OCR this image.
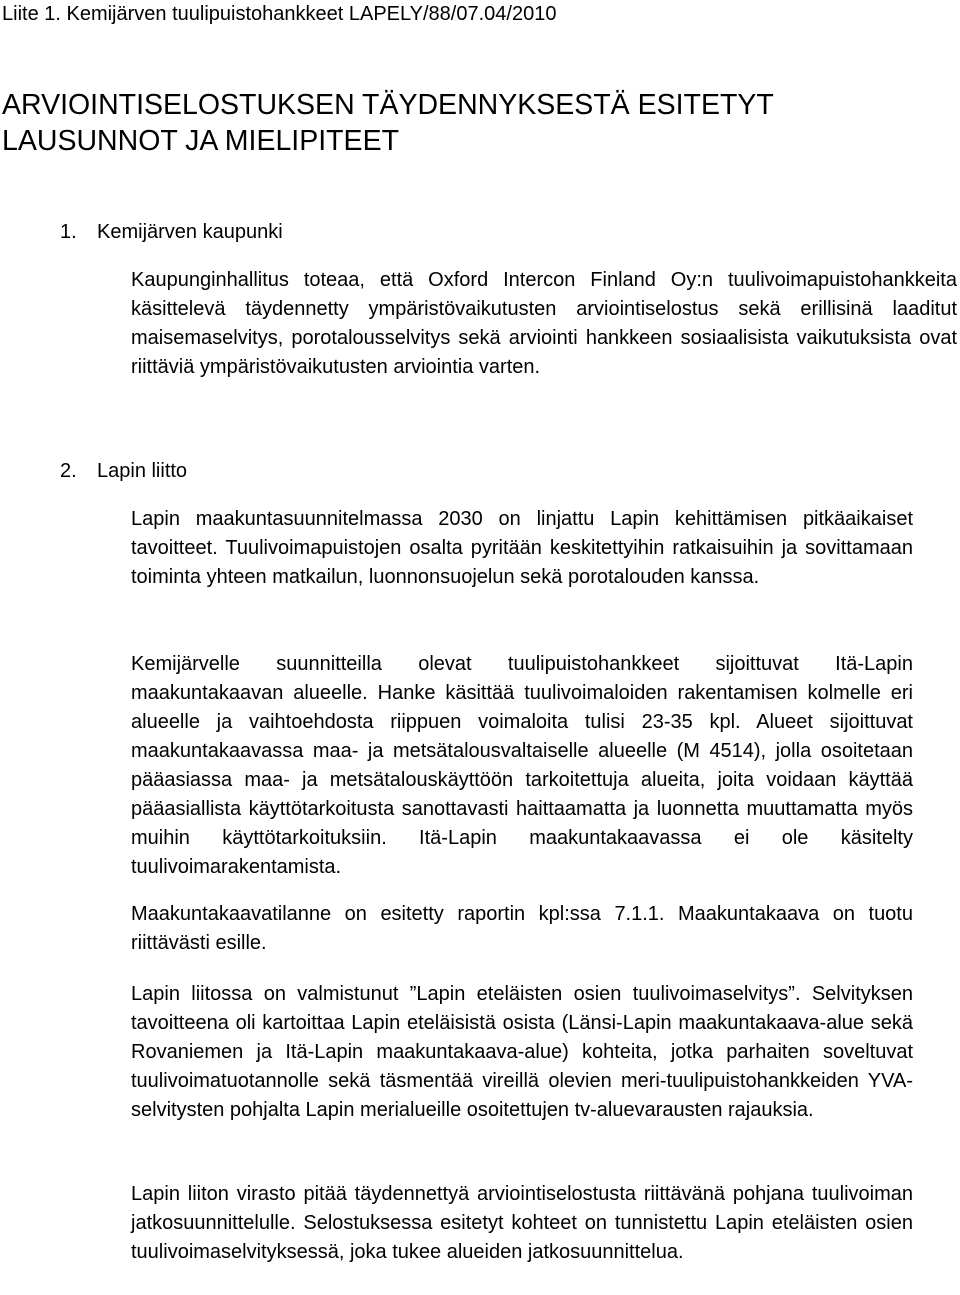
Liite 1. Kemijärven tuulipuistohankkeet LAPELY/88/07.04/2010
ARVIOINTISELOSTUKSEN TÄYDENNYKSESTÄ ESITETYT
LAUSUNNOT JA MIELIPITEET
1. Kemijärven kaupunki

Kaupunginhallitus toteaa, että Oxford Intercon Finland Oy:n tuulivoimapuistohankkeita käsittelevä täydennetty ympäristövaikutusten arviointiselostus sekä erillisinä laaditut maisemaselvitys, porotalousselvitys sekä arviointi hankkeen sosiaalisista vaikutuksista ovat riittäviä ympäristövaikutusten arviointia varten.

2. Lapin liitto

Lapin maakuntasuunnitelmassa 2030 on linjattu Lapin kehittämisen pitkäaikaiset tavoitteet. Tuulivoimapuistojen osalta pyritään keskitettyihin ratkaisuihin ja sovittamaan toiminta yhteen matkailun, luonnonsuojelun sekä porotalouden kanssa.

Kemijärvelle suunnitteilla olevat tuulipuistohankkeet sijoittuvat Itä-Lapin maakuntakaavan alueelle. Hanke käsittää tuulivoimaloiden rakentamisen kolmelle eri alueelle ja vaihtoehdosta riippuen voimaloita tulisi 23-35 kpl. Alueet sijoittuvat maakuntakaavassa maa- ja metsätalousvaltaiselle alueelle (M 4514), jolla osoitetaan pääasiassa maa- ja metsätalouskäyttöön tarkoitettuja alueita, joita voidaan käyttää pääasiallista käyttötarkoitusta sanottavasti haittaamatta ja luonnetta muuttamatta myös muihin käyttötarkoituksiin. Itä-Lapin maakuntakaavassa ei ole käsitelty tuulivoimarakentamista.

Maakuntakaavatilanne on esitetty raportin kpl:ssa 7.1.1. Maakuntakaava on tuotu riittävästi esille.

Lapin liitossa on valmistunut ”Lapin eteläisten osien tuulivoimaselvitys”. Selvityksen tavoitteena oli kartoittaa Lapin eteläisistä osista (Länsi-Lapin maakuntakaava-alue sekä Rovaniemen ja Itä-Lapin maakuntakaava-alue) kohteita, jotka parhaiten soveltuvat tuulivoimatuotannolle sekä täsmentää vireillä olevien meri-tuulipuistohankkeiden YVA-selvitysten pohjalta Lapin merialueille osoitettujen tv-aluevarausten rajauksia.

Lapin liiton virasto pitää täydennettyä arviointiselostusta riittävänä pohjana tuulivoiman jatkosuunnittelulle. Selostuksessa esitetyt kohteet on tunnistettu Lapin eteläisten osien tuulivoimaselvityksessä, joka tukee alueiden jatkosuunnittelua.
